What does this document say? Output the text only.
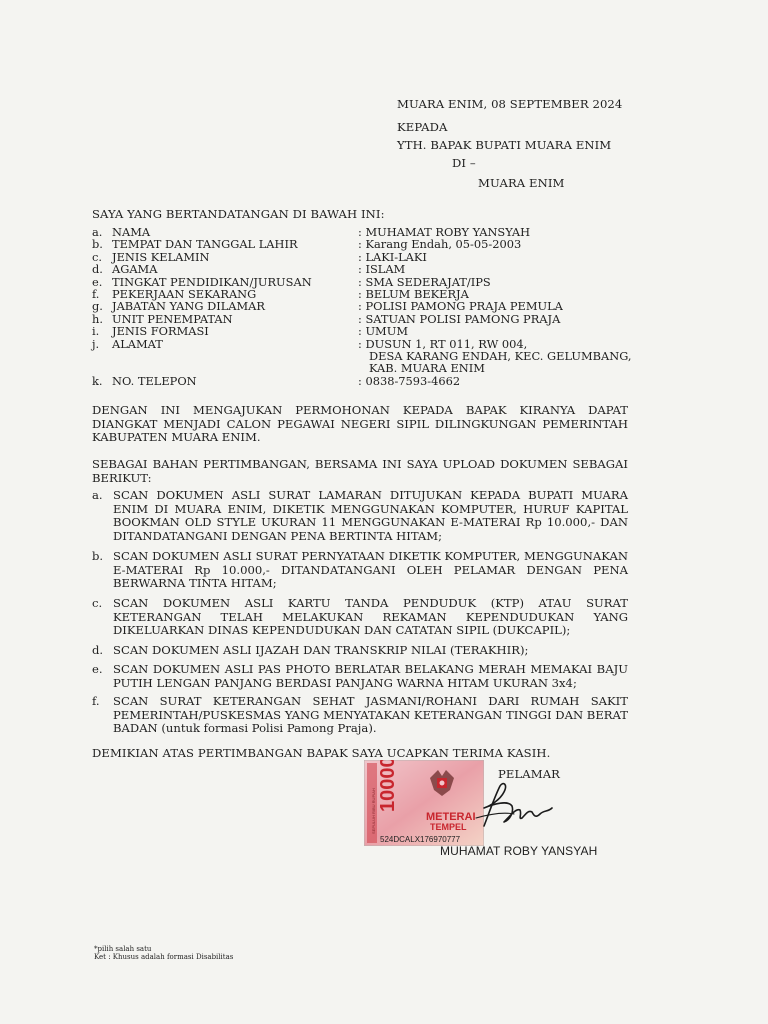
MUARA ENIM, 08 SEPTEMBER 2024
KEPADA
YTH. BAPAK BUPATI MUARA ENIM
DI –
MUARA ENIM
SAYA YANG BERTANDATANGAN DI BAWAH INI:
a. NAMA	: MUHAMAT ROBY YANSYAH
b. TEMPAT DAN TANGGAL LAHIR	: Karang Endah, 05-05-2003
c. JENIS KELAMIN	: LAKI-LAKI
d. AGAMA	: ISLAM
e. TINGKAT PENDIDIKAN/JURUSAN	: SMA SEDERAJAT/IPS
f.	PEKERJAAN SEKARANG	: BELUM BEKERJA
g. JABATAN YANG DILAMAR	: POLISI PAMONG PRAJA PEMULA
h. UNIT PENEMPATAN	: SATUAN POLISI PAMONG PRAJA
i.	JENIS FORMASI	: UMUM
j.	ALAMAT	: DUSUN 1, RT 011, RW 004,
DESA KARANG ENDAH, KEC. GELUMBANG,
KAB. MUARA ENIM
k. NO. TELEPON	: 0838-7593-4662
DENGAN INI MENGAJUKAN PERMOHONAN KEPADA BAPAK KIRANYA DAPAT DIANGKAT MENJADI CALON PEGAWAI NEGERI SIPIL DILINGKUNGAN PEMERINTAH KABUPATEN MUARA ENIM.
SEBAGAI BAHAN PERTIMBANGAN, BERSAMA INI SAYA UPLOAD DOKUMEN SEBAGAI BERIKUT:
a. SCAN DOKUMEN ASLI SURAT LAMARAN DITUJUKAN KEPADA BUPATI MUARA ENIM DI MUARA ENIM, DIKETIK MENGGUNAKAN KOMPUTER, HURUF KAPITAL BOOKMAN OLD STYLE UKURAN 11 MENGGUNAKAN E-MATERAI Rp 10.000,- DAN DITANDATANGANI DENGAN PENA BERTINTA HITAM;
b. SCAN DOKUMEN ASLI SURAT PERNYATAAN DIKETIK KOMPUTER, MENGGUNAKAN E-MATERAI Rp 10.000,- DITANDATANGANI OLEH PELAMAR DENGAN PENA BERWARNA TINTA HITAM;
c. SCAN DOKUMEN ASLI KARTU TANDA PENDUDUK (KTP) ATAU SURAT KETERANGAN TELAH MELAKUKAN REKAMAN KEPENDUDUKAN YANG DIKELUARKAN DINAS KEPENDUDUKAN DAN CATATAN SIPIL (DUKCAPIL);
d. SCAN DOKUMEN ASLI IJAZAH DAN TRANSKRIP NILAI (TERAKHIR);
e. SCAN DOKUMEN ASLI PAS PHOTO BERLATAR BELAKANG MERAH MEMAKAI BAJU PUTIH LENGAN PANJANG BERDASI PANJANG WARNA HITAM UKURAN 3x4;
f. SCAN SURAT KETERANGAN SEHAT JASMANI/ROHANI DARI RUMAH SAKIT PEMERINTAH/PUSKESMAS YANG MENYATAKAN KETERANGAN TINGGI DAN BERAT BADAN (untuk formasi Polisi Pamong Praja).
DEMIKIAN ATAS PERTIMBANGAN BAPAK SAYA UCAPKAN TERIMA KASIH.
PELAMAR
METERAI
TEMPEL
10000
SEPULUH RIBU RUPIAH
524DCALX176970777
MUHAMAT ROBY YANSYAH
*pilih salah satu
Ket : Khusus adalah formasi Disabilitas
